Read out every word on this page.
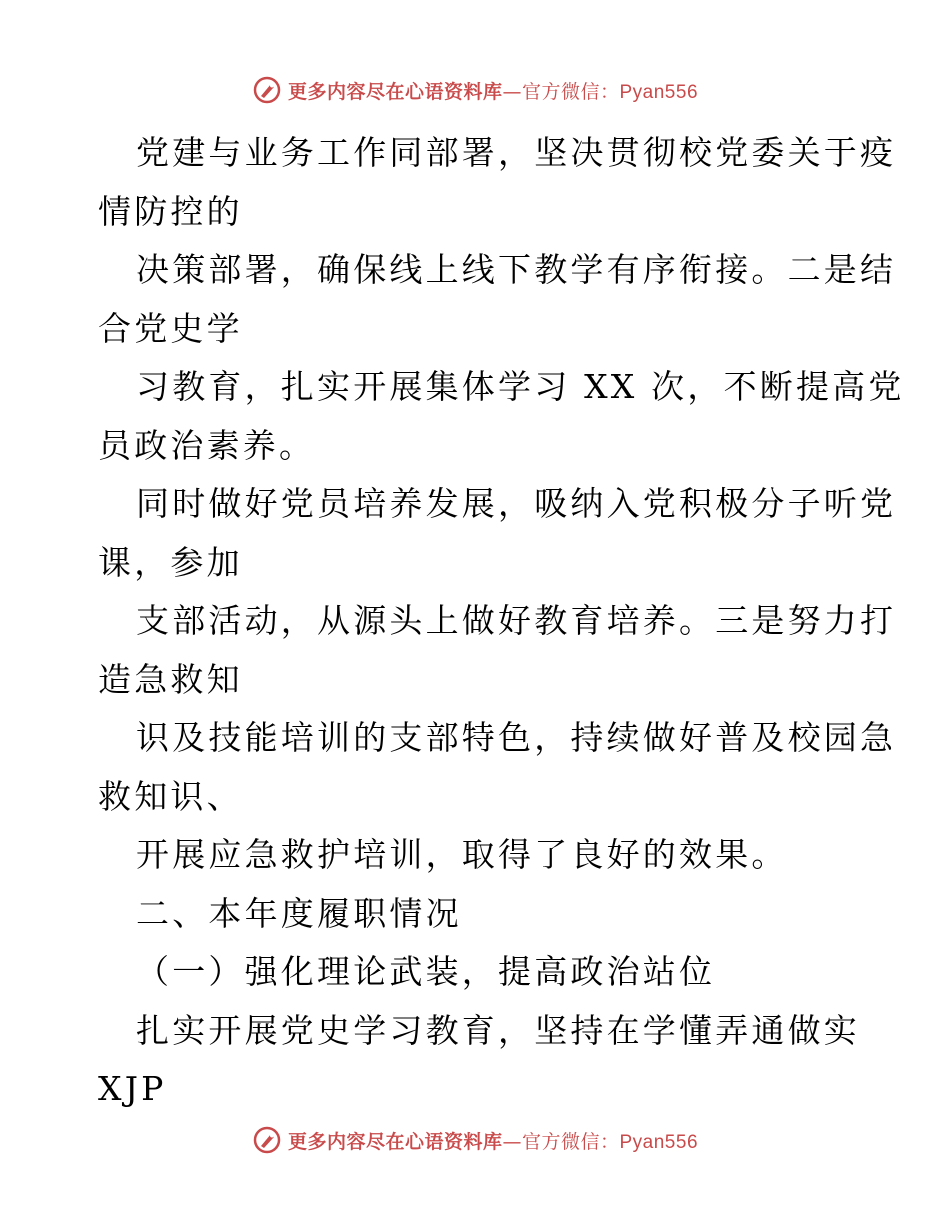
更多内容尽在心语资料库—官方微信：Pyan556
党建与业务工作同部署，坚决贯彻校党委关于疫
情防控的
决策部署，确保线上线下教学有序衔接。二是结
合党史学
习教育，扎实开展集体学习 XX 次，不断提高党
员政治素养。
同时做好党员培养发展，吸纳入党积极分子听党
课，参加
支部活动，从源头上做好教育培养。三是努力打
造急救知
识及技能培训的支部特色，持续做好普及校园急
救知识、
开展应急救护培训，取得了良好的效果。
二、本年度履职情况
（一）强化理论武装，提高政治站位
扎实开展党史学习教育，坚持在学懂弄通做实
XJP
更多内容尽在心语资料库—官方微信：Pyan556
